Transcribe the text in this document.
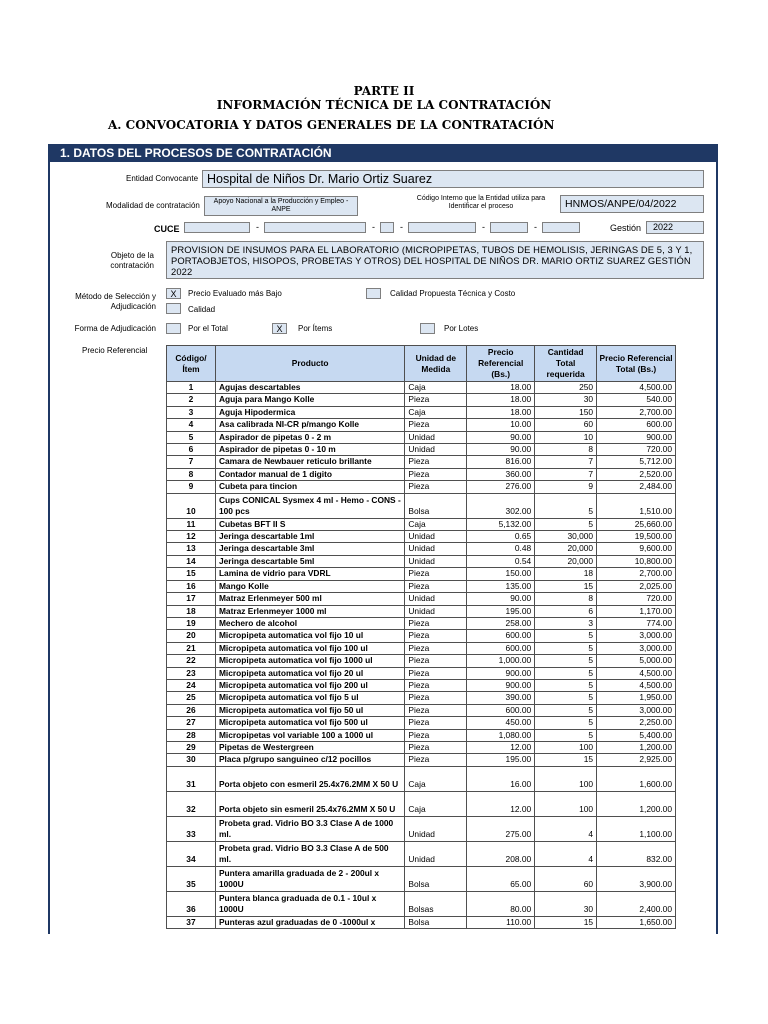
PARTE II
INFORMACIÓN TÉCNICA DE LA CONTRATACIÓN
A. CONVOCATORIA Y DATOS GENERALES DE LA CONTRATACIÓN
1. DATOS DEL PROCESOS DE CONTRATACIÓN
Entidad Convocante Hospital de Niños Dr. Mario Ortiz Suarez
Modalidad de contratación	Apoyo Nacional a la Producción y Empleo - ANPE
Código Interno que la Entidad utiliza para Identificar el proceso	HNMOS/ANPE/04/2022
CUCE	-	-	-	-	-	Gestión	2022
Objeto de la contratación
PROVISION DE INSUMOS PARA EL LABORATORIO (MICROPIPETAS, TUBOS DE HEMOLISIS, JERINGAS DE 5, 3 Y 1, PORTAOBJETOS, HISOPOS, PROBETAS Y OTROS) DEL HOSPITAL DE NIÑOS DR. MARIO ORTIZ SUAREZ GESTIÓN 2022
Método de Selección y Adjudicación
X	Precio Evaluado más Bajo	Calidad Propuesta Técnica y Costo
Calidad
Forma de Adjudicación	Por el Total	X	Por Ítems	Por Lotes
Precio Referencial
Código/ Ítem	Producto	Unidad de Medida	Precio Referencial (Bs.)	Cantidad Total requerida	Precio Referencial Total (Bs.)
1	Agujas descartables	Caja	18.00	250	4,500.00
2	Aguja para Mango Kolle	Pieza	18.00	30	540.00
3	Aguja Hipodermica	Caja	18.00	150	2,700.00
4	Asa calibrada NI-CR p/mango Kolle	Pieza	10.00	60	600.00
5	Aspirador de pipetas 0 - 2 m	Unidad	90.00	10	900.00
6	Aspirador de pipetas 0 - 10 m	Unidad	90.00	8	720.00
7	Camara de Newbauer reticulo brillante	Pieza	816.00	7	5,712.00
8	Contador manual de 1 digito	Pieza	360.00	7	2,520.00
9	Cubeta para tincion	Pieza	276.00	9	2,484.00
10	Cups CONICAL Sysmex 4 ml - Hemo - CONS - 100 pcs	Bolsa	302.00	5	1,510.00
11	Cubetas BFT II S	Caja	5,132.00	5	25,660.00
12	Jeringa descartable 1ml	Unidad	0.65	30,000	19,500.00
13	Jeringa descartable 3ml	Unidad	0.48	20,000	9,600.00
14	Jeringa descartable 5ml	Unidad	0.54	20,000	10,800.00
15	Lamina de vidrio para VDRL	Pieza	150.00	18	2,700.00
16	Mango Kolle	Pieza	135.00	15	2,025.00
17	Matraz Erlenmeyer 500 ml	Unidad	90.00	8	720.00
18	Matraz Erlenmeyer 1000 ml	Unidad	195.00	6	1,170.00
19	Mechero de alcohol	Pieza	258.00	3	774.00
20	Micropipeta automatica vol fijo 10 ul	Pieza	600.00	5	3,000.00
21	Micropipeta automatica vol fijo 100 ul	Pieza	600.00	5	3,000.00
22	Micropipeta automatica vol fijo 1000 ul	Pieza	1,000.00	5	5,000.00
23	Micropipeta automatica vol fijo 20 ul	Pieza	900.00	5	4,500.00
24	Micropipeta automatica vol fijo 200 ul	Pieza	900.00	5	4,500.00
25	Micropipeta automatica vol fijo 5 ul	Pieza	390.00	5	1,950.00
26	Micropipeta automatica vol fijo 50 ul	Pieza	600.00	5	3,000.00
27	Micropipeta automatica vol fijo 500 ul	Pieza	450.00	5	2,250.00
28	Micropipetas vol variable 100 a 1000 ul	Pieza	1,080.00	5	5,400.00
29	Pipetas de Westergreen	Pieza	12.00	100	1,200.00
30	Placa p/grupo sanguineo c/12 pocillos	Pieza	195.00	15	2,925.00
31	Porta objeto con esmeril 25.4x76.2MM X 50 U	Caja	16.00	100	1,600.00
32	Porta objeto sin esmeril 25.4x76.2MM X 50 U	Caja	12.00	100	1,200.00
33	Probeta grad. Vidrio BO 3.3 Clase A de 1000 ml.	Unidad	275.00	4	1,100.00
34	Probeta grad. Vidrio BO 3.3 Clase A de 500 ml.	Unidad	208.00	4	832.00
35	Puntera amarilla graduada de 2 - 200ul x 1000U	Bolsa	65.00	60	3,900.00
36	Puntera blanca graduada de 0.1 - 10ul x 1000U	Bolsas	80.00	30	2,400.00
37	Punteras azul graduadas de 0 -1000ul x	Bolsa	110.00	15	1,650.00
